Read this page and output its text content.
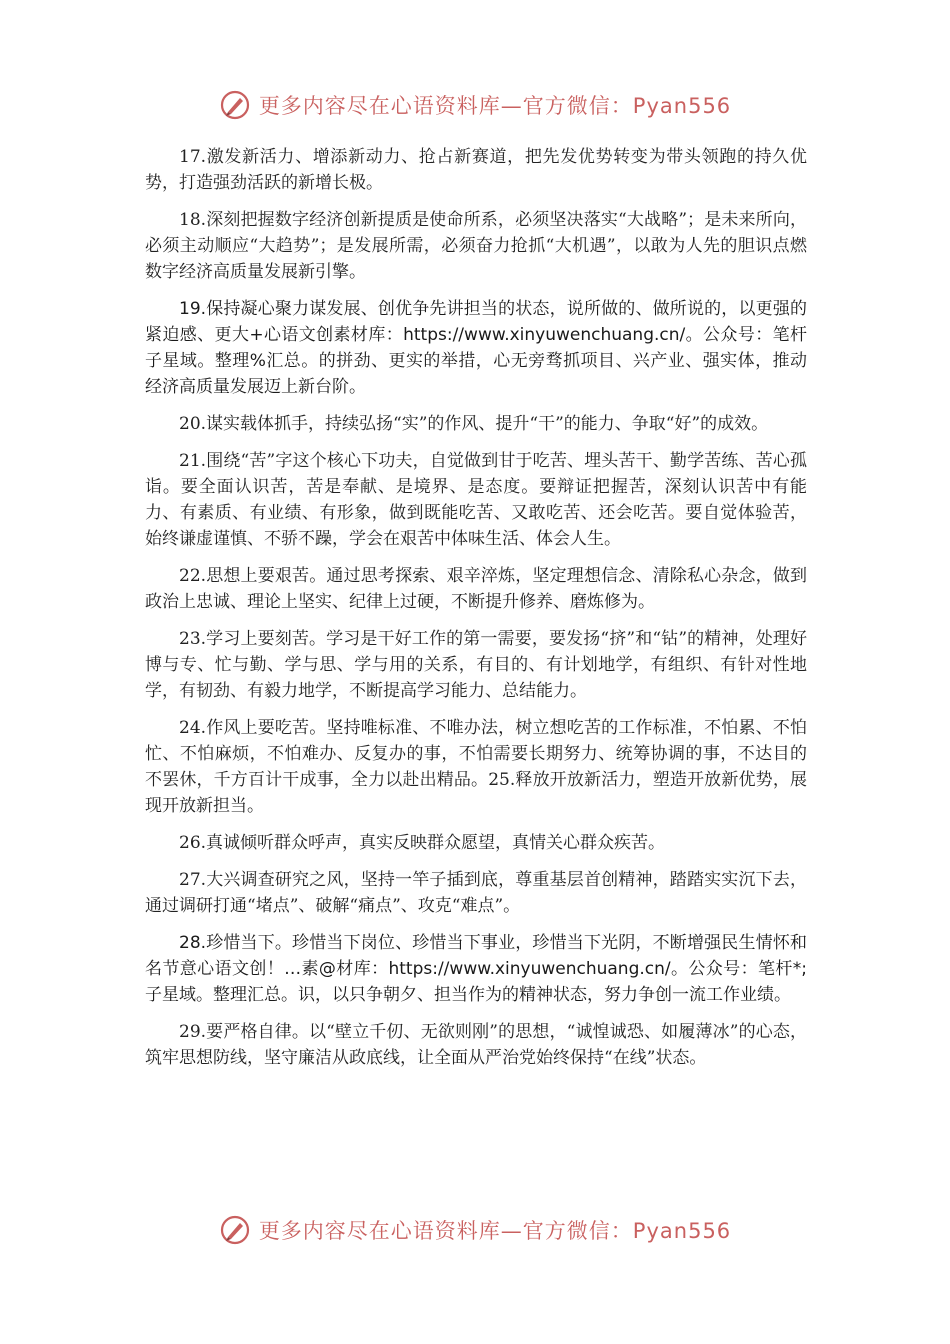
更多内容尽在心语资料库—官方微信：Pyan556

17.激发新活力、增添新动力、抢占新赛道，把先发优势转变为带头领跑的持久优势，打造强劲活跃的新增长极。

18.深刻把握数字经济创新提质是使命所系，必须坚决落实“大战略”；是未来所向，必须主动顺应“大趋势”；是发展所需，必须奋力抢抓“大机遇”，以敢为人先的胆识点燃数字经济高质量发展新引擎。

19.保持凝心聚力谋发展、创优争先讲担当的状态，说所做的、做所说的，以更强的紧迫感、更大+心语文创素材库：https://www.xinyuwenchuang.cn/。公众号：笔杆子星域。整理%汇总。的拼劲、更实的举措，心无旁骛抓项目、兴产业、强实体，推动经济高质量发展迈上新台阶。

20.谋实载体抓手，持续弘扬“实”的作风、提升“干”的能力、争取“好”的成效。

21.围绕“苦”字这个核心下功夫，自觉做到甘于吃苦、埋头苦干、勤学苦练、苦心孤诣。要全面认识苦，苦是奉献、是境界、是态度。要辩证把握苦，深刻认识苦中有能力、有素质、有业绩、有形象，做到既能吃苦、又敢吃苦、还会吃苦。要自觉体验苦，始终谦虚谨慎、不骄不躁，学会在艰苦中体味生活、体会人生。

22.思想上要艰苦。通过思考探索、艰辛淬炼，坚定理想信念、清除私心杂念，做到政治上忠诚、理论上坚实、纪律上过硬，不断提升修养、磨炼修为。

23.学习上要刻苦。学习是干好工作的第一需要，要发扬“挤”和“钻”的精神，处理好博与专、忙与勤、学与思、学与用的关系，有目的、有计划地学，有组织、有针对性地学，有韧劲、有毅力地学，不断提高学习能力、总结能力。

24.作风上要吃苦。坚持唯标准、不唯办法，树立想吃苦的工作标准，不怕累、不怕忙、不怕麻烦，不怕难办、反复办的事，不怕需要长期努力、统筹协调的事，不达目的不罢休，千方百计干成事，全力以赴出精品。25.释放开放新活力，塑造开放新优势，展现开放新担当。

26.真诚倾听群众呼声，真实反映群众愿望，真情关心群众疾苦。

27.大兴调查研究之风，坚持一竿子插到底，尊重基层首创精神，踏踏实实沉下去，通过调研打通“堵点”、破解“痛点”、攻克“难点”。

28.珍惜当下。珍惜当下岗位、珍惜当下事业，珍惜当下光阴，不断增强民生情怀和名节意心语文创！…素@材库：https://www.xinyuwenchuang.cn/。公众号：笔杆*;子星域。整理汇总。识，以只争朝夕、担当作为的精神状态，努力争创一流工作业绩。

29.要严格自律。以“壁立千仞、无欲则刚”的思想，“诚惶诚恐、如履薄冰”的心态，筑牢思想防线，坚守廉洁从政底线，让全面从严治党始终保持“在线”状态。

更多内容尽在心语资料库—官方微信：Pyan556
